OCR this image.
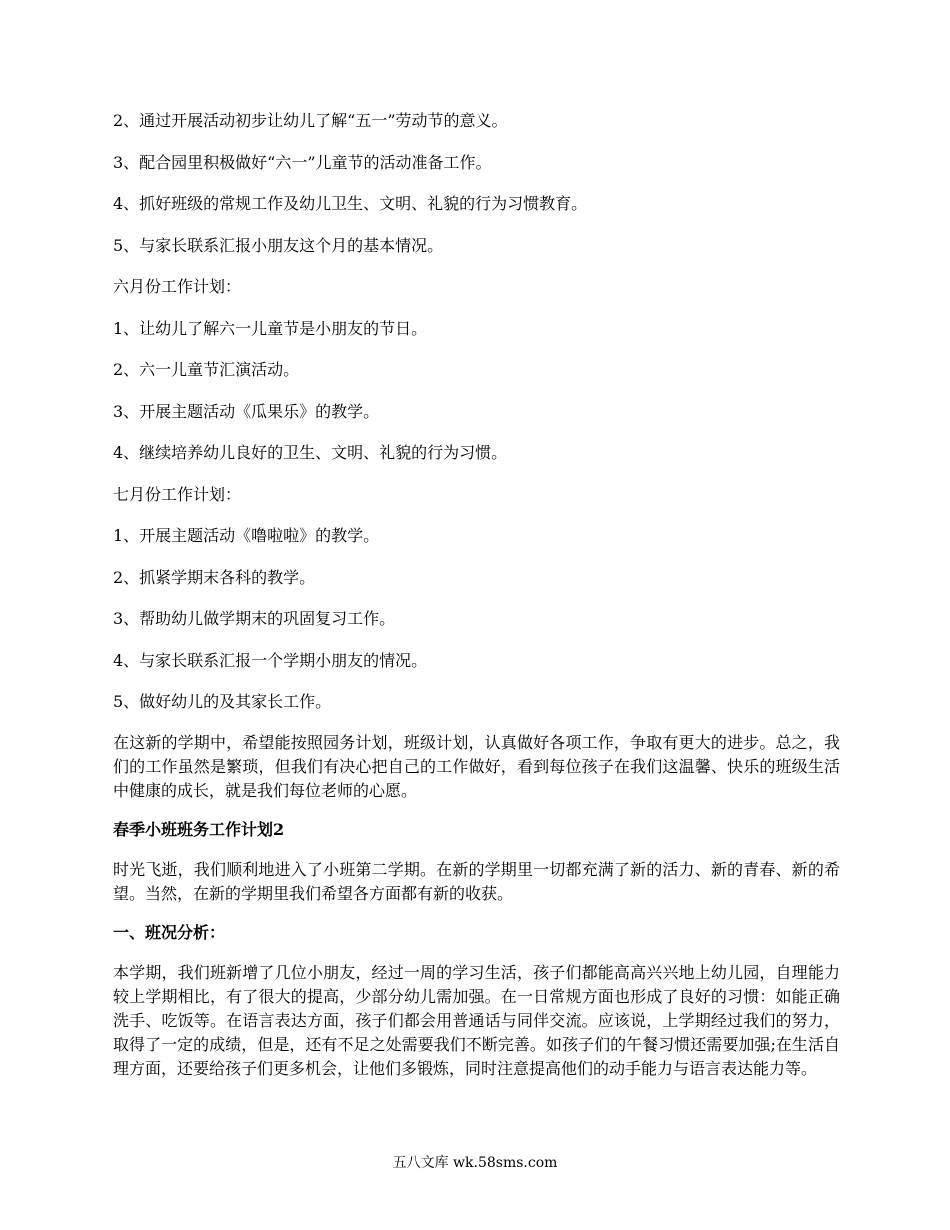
2、通过开展活动初步让幼儿了解“五一”劳动节的意义。
3、配合园里积极做好“六一”儿童节的活动准备工作。
4、抓好班级的常规工作及幼儿卫生、文明、礼貌的行为习惯教育。
5、与家长联系汇报小朋友这个月的基本情况。
六月份工作计划：
1、让幼儿了解六一儿童节是小朋友的节日。
2、六一儿童节汇演活动。
3、开展主题活动《瓜果乐》的教学。
4、继续培养幼儿良好的卫生、文明、礼貌的行为习惯。
七月份工作计划：
1、开展主题活动《噜啦啦》的教学。
2、抓紧学期末各科的教学。
3、帮助幼儿做学期末的巩固复习工作。
4、与家长联系汇报一个学期小朋友的情况。
5、做好幼儿的及其家长工作。

在这新的学期中，希望能按照园务计划，班级计划，认真做好各项工作，争取有更大的进步。总之，我们的工作虽然是繁琐，但我们有决心把自己的工作做好，看到每位孩子在我们这温馨、快乐的班级生活中健康的成长，就是我们每位老师的心愿。

春季小班班务工作计划2

时光飞逝，我们顺利地进入了小班第二学期。在新的学期里一切都充满了新的活力、新的青春、新的希望。当然，在新的学期里我们希望各方面都有新的收获。

一、班况分析：

本学期，我们班新增了几位小朋友，经过一周的学习生活，孩子们都能高高兴兴地上幼儿园，自理能力较上学期相比，有了很大的提高，少部分幼儿需加强。在一日常规方面也形成了良好的习惯：如能正确洗手、吃饭等。在语言表达方面，孩子们都会用普通话与同伴交流。应该说，上学期经过我们的努力，取得了一定的成绩，但是，还有不足之处需要我们不断完善。如孩子们的午餐习惯还需要加强;在生活自理方面，还要给孩子们更多机会，让他们多锻炼，同时注意提高他们的动手能力与语言表达能力等。

五八文库 wk.58sms.com
